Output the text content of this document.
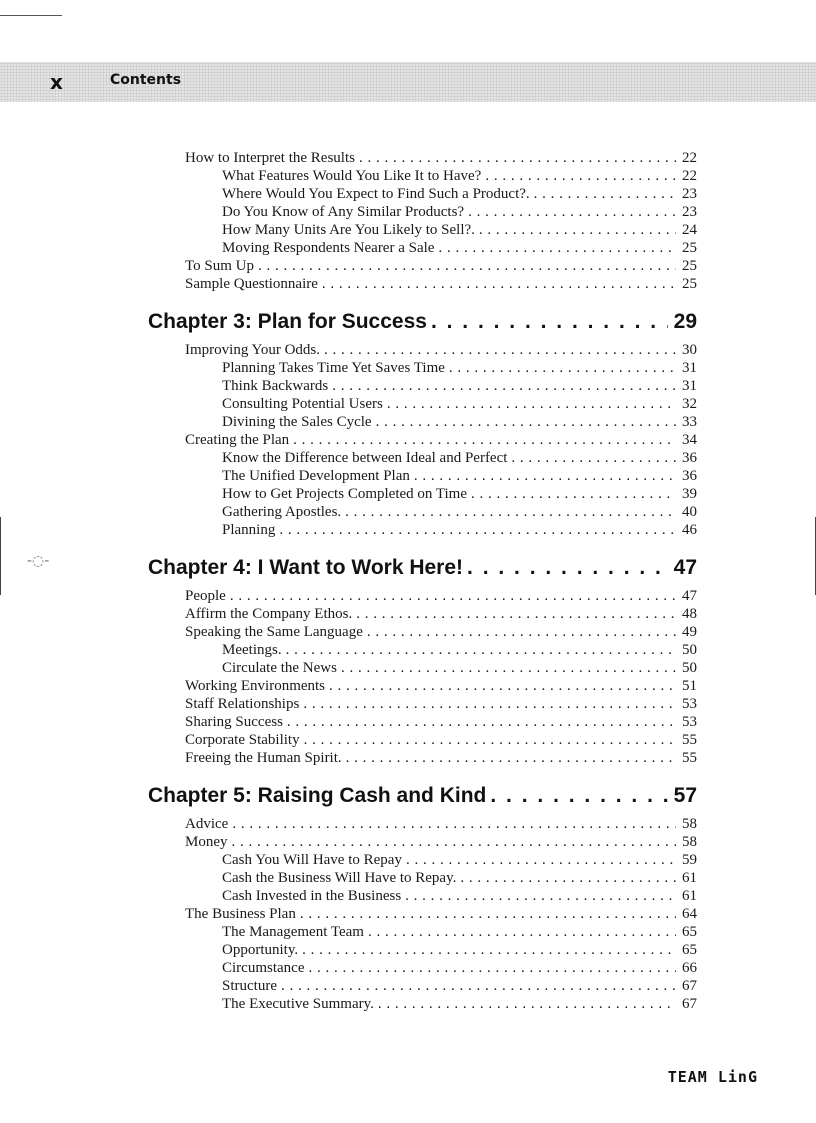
x	Contents
-◌-
How to Interpret the Results . . .	22
What Features Would You Like It to Have? . . .	22
Where Would You Expect to Find Such a Product?. . . .	23
Do You Know of Any Similar Products? . . .	23
How Many Units Are You Likely to Sell?. . . .	24
Moving Respondents Nearer a Sale . . .	25
To Sum Up . . .	25
Sample Questionnaire . . .	25
Chapter 3: Plan for Success . . .	29
Improving Your Odds. . . .	30
Planning Takes Time Yet Saves Time . . .	31
Think Backwards . . .	31
Consulting Potential Users . . .	32
Divining the Sales Cycle . . .	33
Creating the Plan . . .	34
Know the Difference between Ideal and Perfect . . .	36
The Unified Development Plan . . .	36
How to Get Projects Completed on Time . . .	39
Gathering Apostles. . . .	40
Planning . . .	46
Chapter 4: I Want to Work Here! . . .	47
People . . .	47
Affirm the Company Ethos. . . .	48
Speaking the Same Language . . .	49
Meetings. . . .	50
Circulate the News . . .	50
Working Environments . . .	51
Staff Relationships . . .	53
Sharing Success . . .	53
Corporate Stability . . .	55
Freeing the Human Spirit. . . .	55
Chapter 5: Raising Cash and Kind . . .	57
Advice . . .	58
Money . . .	58
Cash You Will Have to Repay . . .	59
Cash the Business Will Have to Repay. . . .	61
Cash Invested in the Business . . .	61
The Business Plan . . .	64
The Management Team . . .	65
Opportunity. . . .	65
Circumstance . . .	66
Structure . . .	67
The Executive Summary. . . .	67
TEAM LinG
